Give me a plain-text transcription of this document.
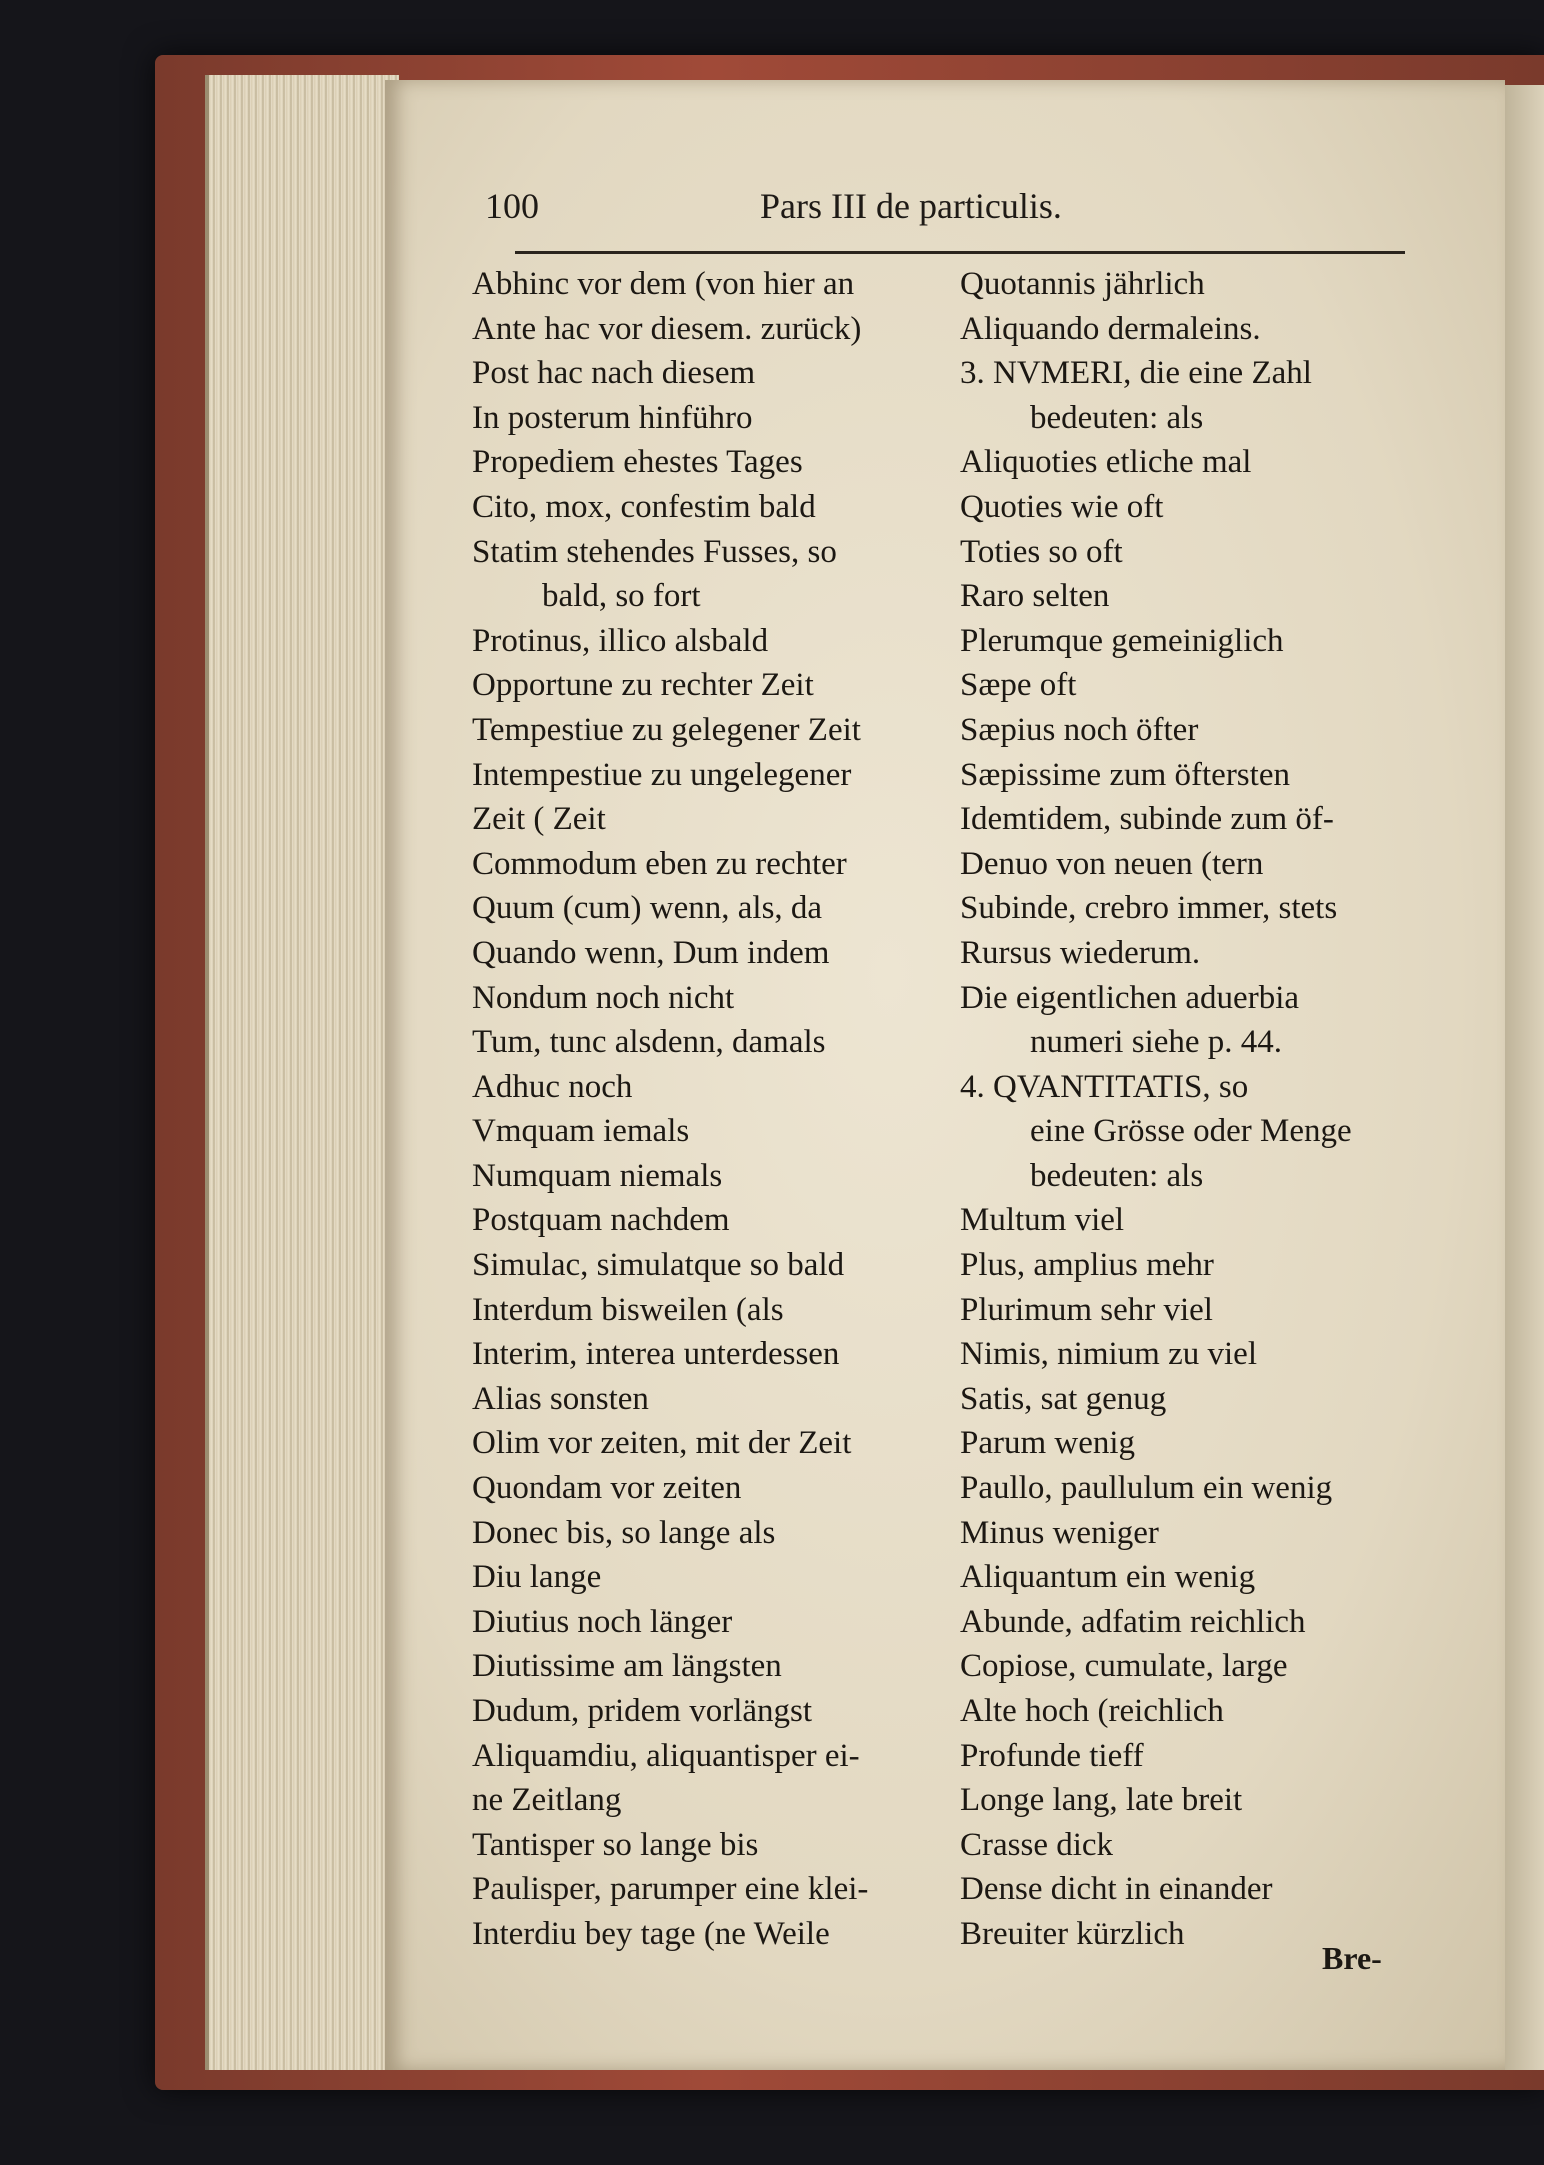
100	Pars III de particulis.
Abhinc vor dem (von hier an
Ante hac vor diesem. zurück)
Post hac nach diesem
In posterum hinführo
Propediem ehestes Tages
Cito, mox, confestim bald
Statim stehendes Fusses, so
bald, so fort
Protinus, illico alsbald
Opportune zu rechter Zeit
Tempestiue zu gelegener Zeit
Intempestiue zu ungelegener
Zeit ( Zeit
Commodum eben zu rechter
Quum (cum) wenn, als, da
Quando wenn, Dum indem
Nondum noch nicht
Tum, tunc alsdenn, damals
Adhuc noch
Vmquam iemals
Numquam niemals
Postquam nachdem
Simulac, simulatque so bald
Interdum bisweilen (als
Interim, interea unterdessen
Alias sonsten
Olim vor zeiten, mit der Zeit
Quondam vor zeiten
Donec bis, so lange als
Diu lange
Diutius noch länger
Diutissime am längsten
Dudum, pridem vorlängst
Aliquamdiu, aliquantisper ei-
ne Zeitlang
Tantisper so lange bis
Paulisper, parumper eine klei-
Interdiu bey tage (ne Weile
Quotannis jährlich
Aliquando dermaleins.
3. NVMERI, die eine Zahl
bedeuten: als
Aliquoties etliche mal
Quoties wie oft
Toties so oft
Raro selten
Plerumque gemeiniglich
Sæpe oft
Sæpius noch öfter
Sæpissime zum öftersten
Idemtidem, subinde zum öf-
Denuo von neuen (tern
Subinde, crebro immer, stets
Rursus wiederum.
Die eigentlichen aduerbia
numeri siehe p. 44.
4. QVANTITATIS, so
eine Grösse oder Menge
bedeuten: als
Multum viel
Plus, amplius mehr
Plurimum sehr viel
Nimis, nimium zu viel
Satis, sat genug
Parum wenig
Paullo, paullulum ein wenig
Minus weniger
Aliquantum ein wenig
Abunde, adfatim reichlich
Copiose, cumulate, large
Alte hoch (reichlich
Profunde tieff
Longe lang, late breit
Crasse dick
Dense dicht in einander
Breuiter kürzlich
Bre-
